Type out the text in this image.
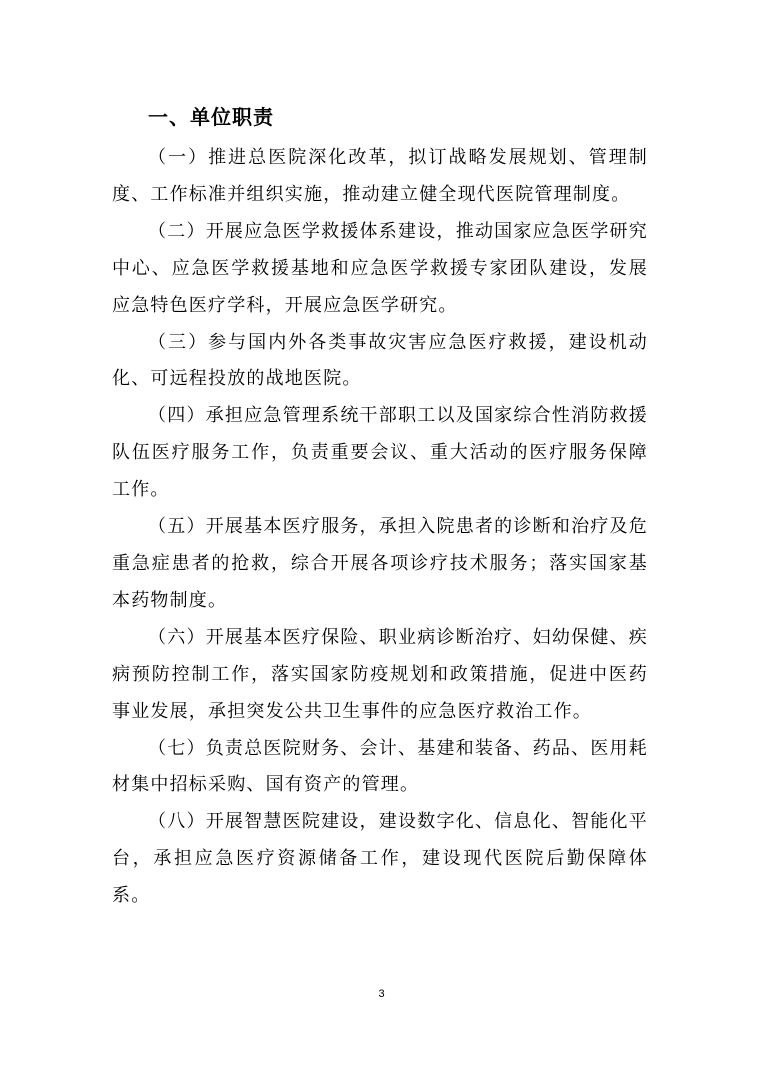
一、单位职责

（一）推进总医院深化改革，拟订战略发展规划、管理制度、工作标准并组织实施，推动建立健全现代医院管理制度。

（二）开展应急医学救援体系建设，推动国家应急医学研究中心、应急医学救援基地和应急医学救援专家团队建设，发展应急特色医疗学科，开展应急医学研究。

（三）参与国内外各类事故灾害应急医疗救援，建设机动化、可远程投放的战地医院。

（四）承担应急管理系统干部职工以及国家综合性消防救援队伍医疗服务工作，负责重要会议、重大活动的医疗服务保障工作。

（五）开展基本医疗服务，承担入院患者的诊断和治疗及危重急症患者的抢救，综合开展各项诊疗技术服务；落实国家基本药物制度。

（六）开展基本医疗保险、职业病诊断治疗、妇幼保健、疾病预防控制工作，落实国家防疫规划和政策措施，促进中医药事业发展，承担突发公共卫生事件的应急医疗救治工作。

（七）负责总医院财务、会计、基建和装备、药品、医用耗材集中招标采购、国有资产的管理。

（八）开展智慧医院建设，建设数字化、信息化、智能化平台，承担应急医疗资源储备工作，建设现代医院后勤保障体系。

3
